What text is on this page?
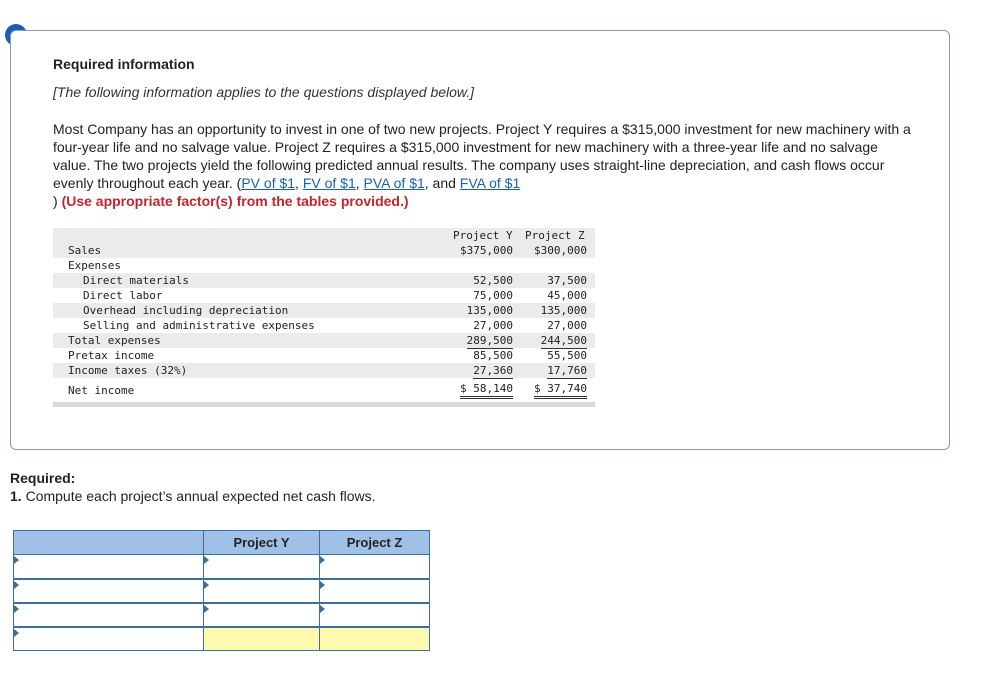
Required information
[The following information applies to the questions displayed below.]
Most Company has an opportunity to invest in one of two new projects. Project Y requires a $315,000 investment for new machinery with a four-year life and no salvage value. Project Z requires a $315,000 investment for new machinery with a three-year life and no salvage value. The two projects yield the following predicted annual results. The company uses straight-line depreciation, and cash flows occur evenly throughout each year. (PV of $1, FV of $1, PVA of $1, and FVA of $1
) (Use appropriate factor(s) from the tables provided.)
Project Y Project Z
Sales	$375,000 $300,000
Expenses
Direct materials	52,500	37,500
Direct labor	75,000	45,000
Overhead including depreciation	135,000	135,000
Selling and administrative expenses	27,000	27,000
Total expenses	289,500	244,500
Pretax income	85,500	55,500
Income taxes (32%)	27,360	17,760
Net income	$ 58,140 $ 37,740
Required:
1. Compute each project’s annual expected net cash flows.
	Project Y	Project Z
